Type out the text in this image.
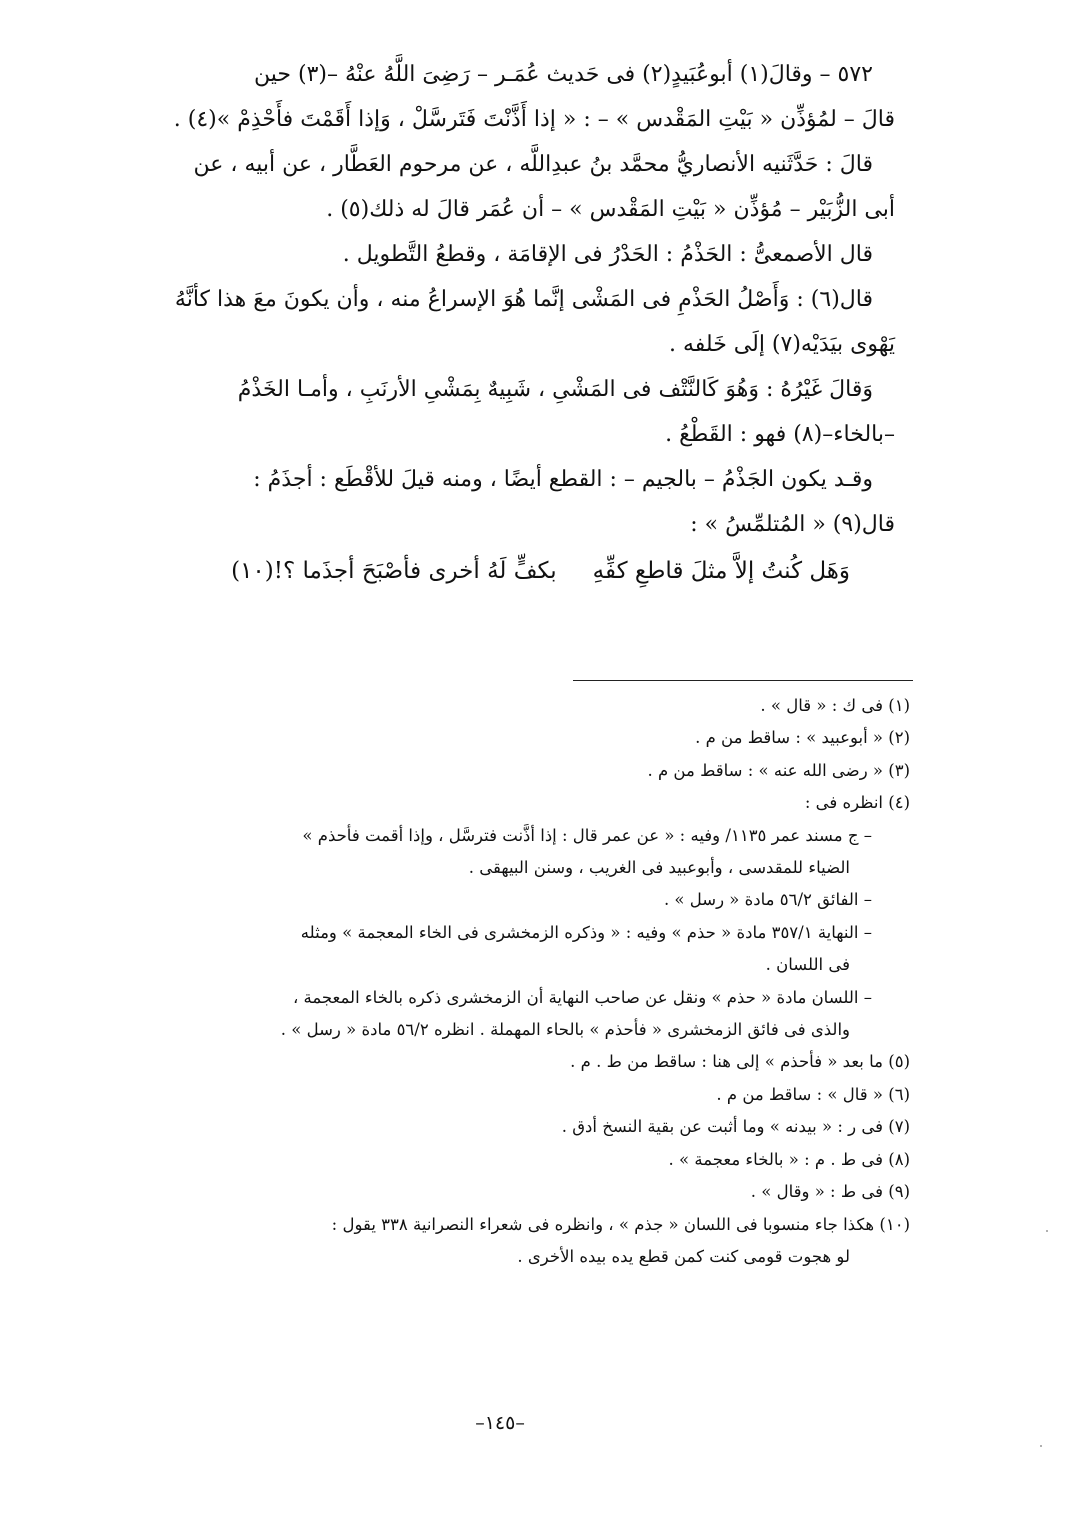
٥٧٢ – وقالَ(١) أبوعُبَيدٍ(٢) فى حَديث عُمَـر – رَضِىَ اللَّهُ عنْهُ –(٣) حين

قالَ – لمُؤذِّن « بَيْتِ المَقْدس » – : « إذا أَذَّنْتَ فَتَرسَّلْ ، وَإذا أَقَمْتَ فأَحْذِمْ »(٤) .

قالَ : حَدَّثَنيه الأنصاريُّ محمَّد بنُ عبدِاللَّه ، عن مرحوم العَطَّار ، عن أبيه ، عن

أبى الزُّبَيْر – مُؤذِّن « بَيْتِ المَقْدس » – أن عُمَر قالَ له ذلك(٥) .

قال الأصمعىُّ : الحَذْمُ : الحَدْرُ فى الإقامَة ، وقطعُ التَّطويل .

قال(٦) : وَأَصْلُ الحَذْمِ فى المَشْى إنَّما هُوَ الإسراعُ منه ، وأن يكونَ معَ هذا كأنَّهُ

يَهْوى بيَدَيْه(٧) إلَى خَلفه .

وَقالَ غَيْرُهُ : وَهُوَ كَالنَّتْف فى المَشْىِ ، شَبِيهٌ بِمَشْىِ الأرنَبِ ، وأمـا الخَذْمُ

–بالخاء–(٨) فهو : القَطْعُ .

وقـد يكون الجَذْمُ – بالجيم – : القطع أيضًا ، ومنه قيلَ للأقْطَع : أجذَمُ :

قال(٩) « المُتلمِّسُ » :

وَهَل كُنتُ إلاَّ مثلَ قاطعِ كفِّهِ
بكفٍّ لَهُ أخرى فأصْبَحَ أجذَما ؟!(١٠)

(١) فى ك : « قال » .

(٢) « أبوعبيد » : ساقط من م .

(٣) « رضى الله عنه » : ساقط من م .

(٤) انظره فى :

– ج مسند عمر ١١٣٥/ وفيه : « عن عمر قال : إذا أذَّنت فترسَّل ، وإذا أقمت فأحذم »

الضياء للمقدسى ، وأبوعبيد فى الغريب ، وسنن البيهقى .

– الفائق ٥٦/٢ مادة « رسل » .

– النهاية ٣٥٧/١ مادة « حذم » وفيه : « وذكره الزمخشرى فى الخاء المعجمة » ومثله

فى اللسان .

– اللسان مادة « حذم » ونقل عن صاحب النهاية أن الزمخشرى ذكره بالخاء المعجمة ،

والذى فى فائق الزمخشرى « فأحذم » بالحاء المهملة . انظره ٥٦/٢ مادة « رسل » .

(٥) ما بعد « فأحذم » إلى هنا : ساقط من ط . م .

(٦) « قال » : ساقط من م .

(٧) فى ر : « بيدنه » وما أثبت عن بقية النسخ أدق .

(٨) فى ط . م : « بالخاء معجمة » .

(٩) فى ط : « وقال » .

(١٠) هكذا جاء منسوبا فى اللسان « جذم » ، وانظره فى شعراء النصرانية ٣٣٨ يقول :

لو هجوت قومى كنت كمن قطع يده بيده الأخرى .

–١٤٥–
